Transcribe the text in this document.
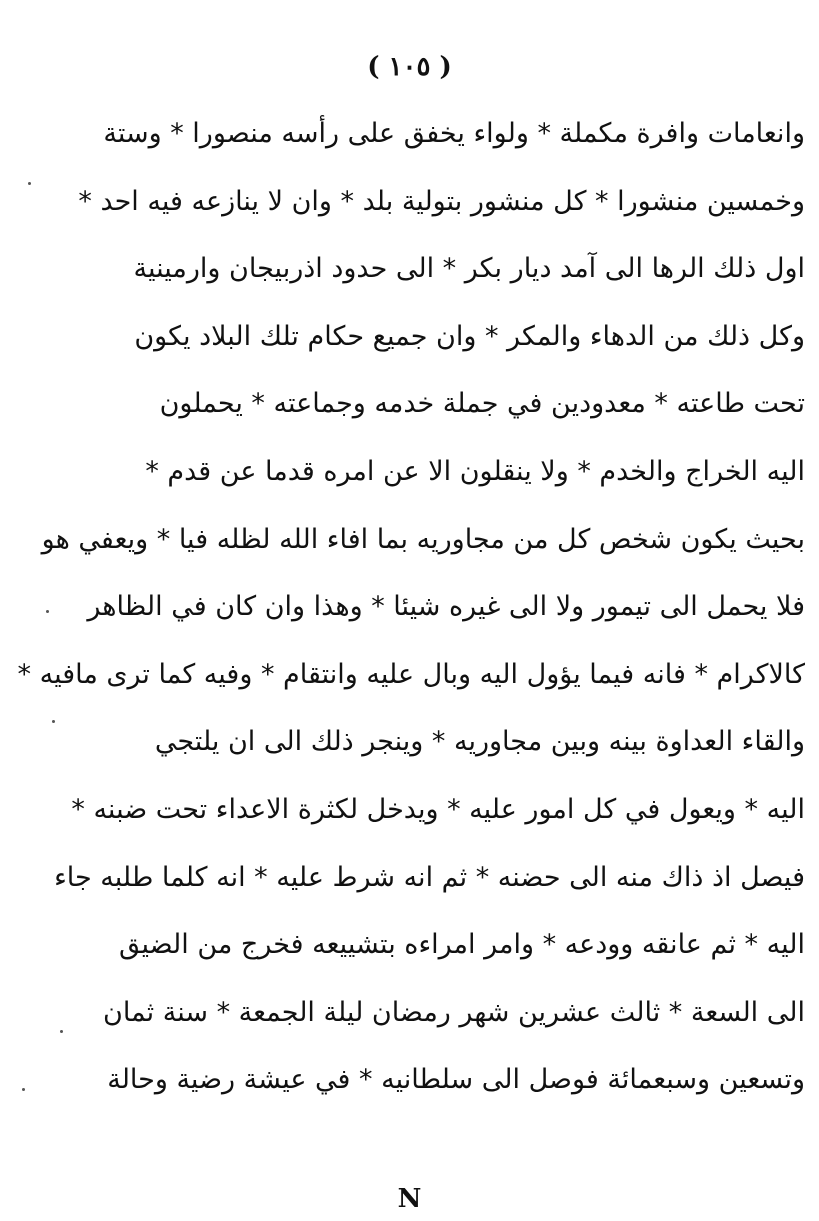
( ١٠٥ )
وانعامات وافرة مكملة * ولواء يخفق على رأسه منصورا * وستة
وخمسين منشورا * كل منشور بتولية بلد * وان لا ينازعه فيه احد *
اول ذلك الرها الى آمد ديار بكر * الى حدود اذربيجان وارمينية
وكل ذلك من الدهاء والمكر * وان جميع حكام تلك البلاد يكون
تحت طاعته * معدودين في جملة خدمه وجماعته * يحملون
اليه الخراج والخدم * ولا ينقلون الا عن امره قدما عن قدم *
بحيث يكون شخص كل من مجاوريه بما افاء الله لظله فيا * ويعفي هو
فلا يحمل الى تيمور ولا الى غيره شيئا * وهذا وان كان في الظاهر
كالاكرام * فانه فيما يؤول اليه وبال عليه وانتقام * وفيه كما ترى مافيه *
والقاء العداوة بينه وبين مجاوريه * وينجر ذلك الى ان يلتجي
اليه * ويعول في كل امور عليه * ويدخل لكثرة الاعداء تحت ضبنه *
فيصل اذ ذاك منه الى حضنه * ثم انه شرط عليه * انه كلما طلبه جاء
اليه * ثم عانقه وودعه * وامر امراءه بتشييعه فخرج من الضيق
الى السعة * ثالث عشرين شهر رمضان ليلة الجمعة * سنة ثمان
وتسعين وسبعمائة فوصل الى سلطانيه * في عيشة رضية وحالة
N
